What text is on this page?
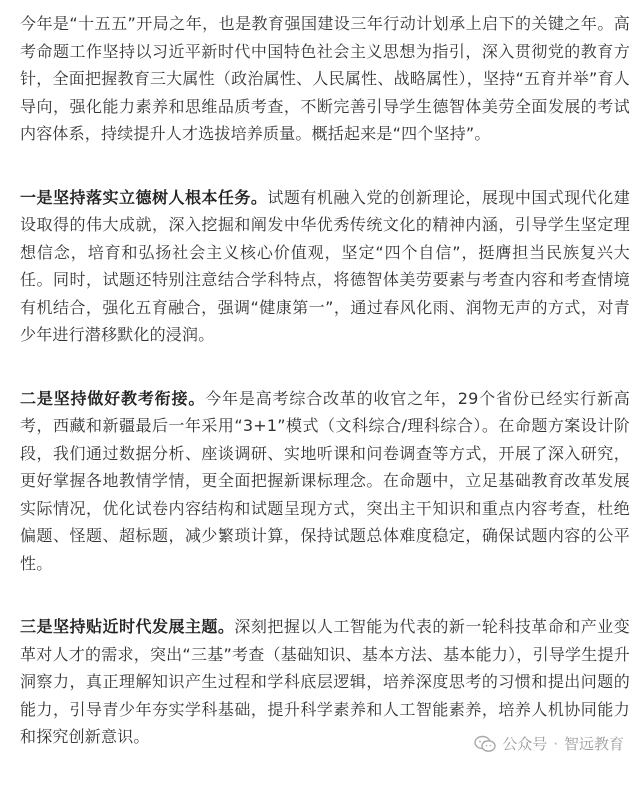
今年是“十五五”开局之年，也是教育强国建设三年行动计划承上启下的关键之年。高考命题工作坚持以习近平新时代中国特色社会主义思想为指引，深入贯彻党的教育方针，全面把握教育三大属性（政治属性、人民属性、战略属性），坚持“五育并举”育人导向，强化能力素养和思维品质考查，不断完善引导学生德智体美劳全面发展的考试内容体系，持续提升人才选拔培养质量。概括起来是“四个坚持”。

一是坚持落实立德树人根本任务。试题有机融入党的创新理论，展现中国式现代化建设取得的伟大成就，深入挖掘和阐发中华优秀传统文化的精神内涵，引导学生坚定理想信念，培育和弘扬社会主义核心价值观，坚定“四个自信”，挺膺担当民族复兴大任。同时，试题还特别注意结合学科特点，将德智体美劳要素与考查内容和考查情境有机结合，强化五育融合，强调“健康第一”，通过春风化雨、润物无声的方式，对青少年进行潜移默化的浸润。

二是坚持做好教考衔接。今年是高考综合改革的收官之年，29个省份已经实行新高考，西藏和新疆最后一年采用“3+1”模式（文科综合/理科综合）。在命题方案设计阶段，我们通过数据分析、座谈调研、实地听课和问卷调查等方式，开展了深入研究，更好掌握各地教情学情，更全面把握新课标理念。在命题中，立足基础教育改革发展实际情况，优化试卷内容结构和试题呈现方式，突出主干知识和重点内容考查，杜绝偏题、怪题、超标题，减少繁琐计算，保持试题总体难度稳定，确保试题内容的公平性。

三是坚持贴近时代发展主题。深刻把握以人工智能为代表的新一轮科技革命和产业变革对人才的需求，突出“三基”考查（基础知识、基本方法、基本能力），引导学生提升洞察力，真正理解知识产生过程和学科底层逻辑，培养深度思考的习惯和提出问题的能力，引导青少年夯实学科基础，提升科学素养和人工智能素养，培养人机协同能力和探究创新意识。	公众号 · 智远教育
